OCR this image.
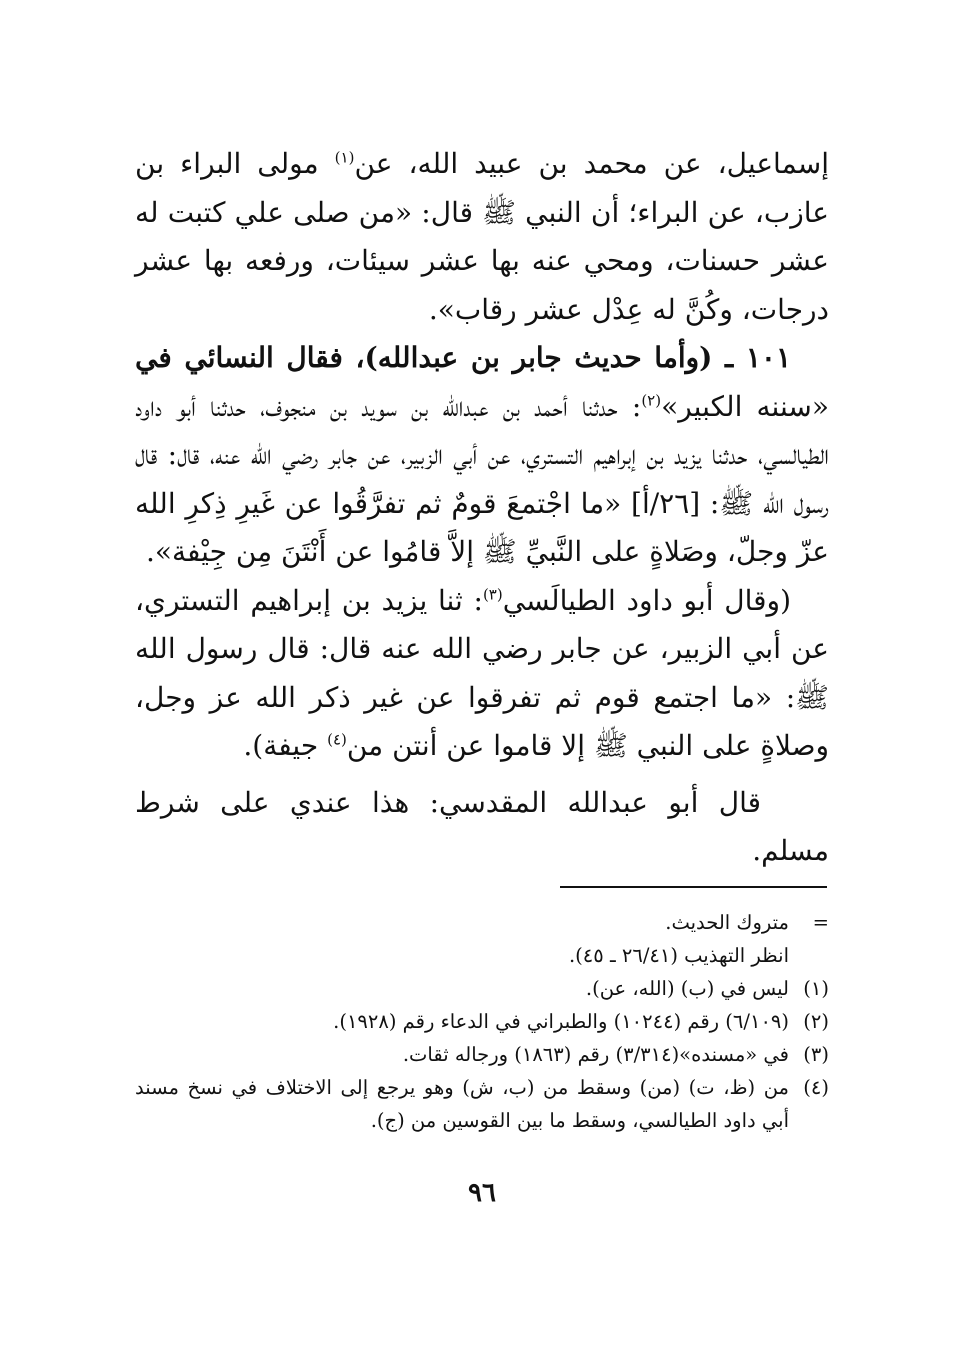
إسماعيل، عن محمد بن عبيد الله، عن$^{(١)}$ مولى البراء بن عازب، عن البراء؛ أن النبي ﷺ قال: «من صلى علي كتبت له عشر حسنات، ومحي عنه بها عشر سيئات، ورفعه بها عشر درجات، وكُنَّ له عِدْل عشر رقاب».

١٠١ ـ (وأما حديث جابر بن عبدالله)، فقال النسائي في «سننه الكبير»$^{(٢)}$: حدثنا أحمد بن عبدالله بن سويد بن منجوف، حدثنا أبو داود الطيالسي، حدثنا يزيد بن إبراهيم التستري، عن أبي الزبير، عن جابر رضي الله عنه، قال: قال رسول الله ﷺ: [٢٦/أ] «ما اجْتمعَ قومٌ ثم تفرَّقُوا عن غَيرِ ذِكرِ الله عزّ وجلّ، وصَلاةٍ على النَّبيِّ ﷺ إلاَّ قامُوا عن أَنْتَنَ مِن جِيْفة».

(وقال أبو داود الطيالَسي$^{(٣)}$: ثنا يزيد بن إبراهيم التستري، عن أبي الزبير، عن جابر رضي الله عنه قال: قال رسول الله ﷺ: «ما اجتمع قوم ثم تفرقوا عن غير ذكر الله عز وجل، وصلاةٍ على النبي ﷺ إلا قاموا عن أنتن من$^{(٤)}$ جيفة).

قال أبو عبدالله المقدسي: هذا عندي على شرط مسلم.

=
متروك الحديث.
انظر التهذيب (٢٦/٤١ ـ ٤٥).
(١)
ليس في (ب) (الله، عن).
(٢)
(٦/١٠٩) رقم (١٠٢٤٤) والطبراني في الدعاء رقم (١٩٢٨).
(٣)
في «مسنده»(٣/٣١٤) رقم (١٨٦٣) ورجاله ثقات.
(٤)
من (ظ، ت) (من) وسقط من (ب، ش) وهو يرجع إلى الاختلاف في نسخ مسند أبي داود الطيالسي، وسقط ما بين القوسين من (ج).
٩٦
